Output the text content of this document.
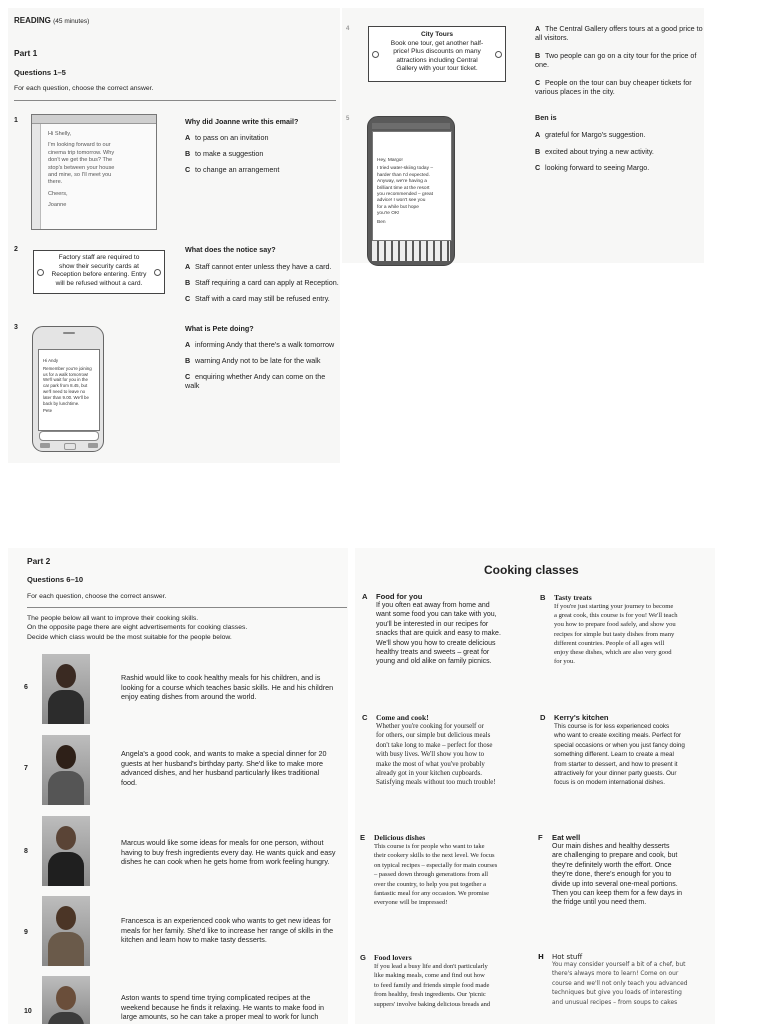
READING (45 minutes)
Part 1
Questions 1–5
For each question, choose the correct answer.
1
Hi Shelly,
I'm looking forward to our
cinema trip tomorrow. Why
don't we get the bus? The
stop's between your house
and mine, so I'll meet you
there.
Cheers,
Joanne
Why did Joanne write this email?
A to pass on an invitation
B to make a suggestion
C to change an arrangement
2
Factory staff are required to
show their security cards at
Reception before entering. Entry
will be refused without a card.
What does the notice say?
A Staff cannot enter unless they have a card.
B Staff requiring a card can apply at Reception.
C Staff with a card may still be refused entry.
3
Hi Andy
Remember you're joining
us for a walk tomorrow!
We'll wait for you in the
car park from 8.45, but
we'll need to leave no
later than 9.00. We'll be
back by lunchtime.
Pete
What is Pete doing?
A informing Andy that there's a walk tomorrow
B warning Andy not to be late for the walk
C enquiring whether Andy can come on the walk
4
City Tours
Book one tour, get another half-
price! Plus discounts on many
attractions including Central
Gallery with your tour ticket.
A The Central Gallery offers tours at a good price to all visitors.
B Two people can go on a city tour for the price of one.
C People on the tour can buy cheaper tickets for various places in the city.
5
Hey, Margo!
I tried water-skiing today –
harder than I'd expected.
Anyway, we're having a
brilliant time at the resort
you recommended – great
advice! I won't see you
for a while but hope
you're OK!
Ben
Ben is
A grateful for Margo's suggestion.
B excited about trying a new activity.
C looking forward to seeing Margo.
Part 2
Questions 6–10
For each question, choose the correct answer.
The people below all want to improve their cooking skills.
On the opposite page there are eight advertisements for cooking classes.
Decide which class would be the most suitable for the people below.
6
Rashid would like to cook healthy meals for his children, and is
looking for a course which teaches basic skills. He and his children
enjoy eating dishes from around the world.
7
Angela's a good cook, and wants to make a special dinner for 20
guests at her husband's birthday party. She'd like to make more
advanced dishes, and her husband particularly likes traditional
food.
8
Marcus would like some ideas for meals for one person, without
having to buy fresh ingredients every day. He wants quick and easy
dishes he can cook when he gets home from work feeling hungry.
9
Francesca is an experienced cook who wants to get new ideas for
meals for her family. She'd like to increase her range of skills in the
kitchen and learn how to make tasty desserts.
10
Aston wants to spend time trying complicated recipes at the
weekend because he finds it relaxing. He wants to make food in
large amounts, so he can take a proper meal to work for lunch
Cooking classes
A Food for you
If you often eat away from home and
want some food you can take with you,
you'll be interested in our recipes for
snacks that are quick and easy to make.
We'll show you how to create delicious
healthy treats and sweets – great for
young and old alike on family picnics.
B Tasty treats
If you're just starting your journey to become
a great cook, this course is for you! We'll teach
you how to prepare food safely, and show you
recipes for simple but tasty dishes from many
different countries. People of all ages will
enjoy these dishes, which are also very good
for you.
C Come and cook!
Whether you're cooking for yourself or
for others, our simple but delicious meals
don't take long to make – perfect for those
with busy lives. We'll show you how to
make the most of what you've probably
already got in your kitchen cupboards.
Satisfying meals without too much trouble!
D Kerry's kitchen
This course is for less experienced cooks
who want to create exciting meals. Perfect for
special occasions or when you just fancy doing
something different. Learn to create a meal
from starter to dessert, and how to present it
attractively for your dinner party guests. Our
focus is on modern international dishes.
E Delicious dishes
This course is for people who want to take
their cookery skills to the next level. We focus
on typical recipes – especially for main courses
– passed down through generations from all
over the country, to help you put together a
fantastic meal for any occasion. We promise
everyone will be impressed!
F Eat well
Our main dishes and healthy desserts
are challenging to prepare and cook, but
they're definitely worth the effort. Once
they're done, there's enough for you to
divide up into several one-meal portions.
Then you can keep them for a few days in
the fridge until you need them.
G Food lovers
If you lead a busy life and don't particularly
like making meals, come and find out how
to feed family and friends simple food made
from healthy, fresh ingredients. Our 'picnic
suppers' involve baking delicious breads and
H Hot stuff
You may consider yourself a bit of a chef, but
there's always more to learn! Come on our
course and we'll not only teach you advanced
techniques but give you loads of interesting
and unusual recipes – from soups to cakes
